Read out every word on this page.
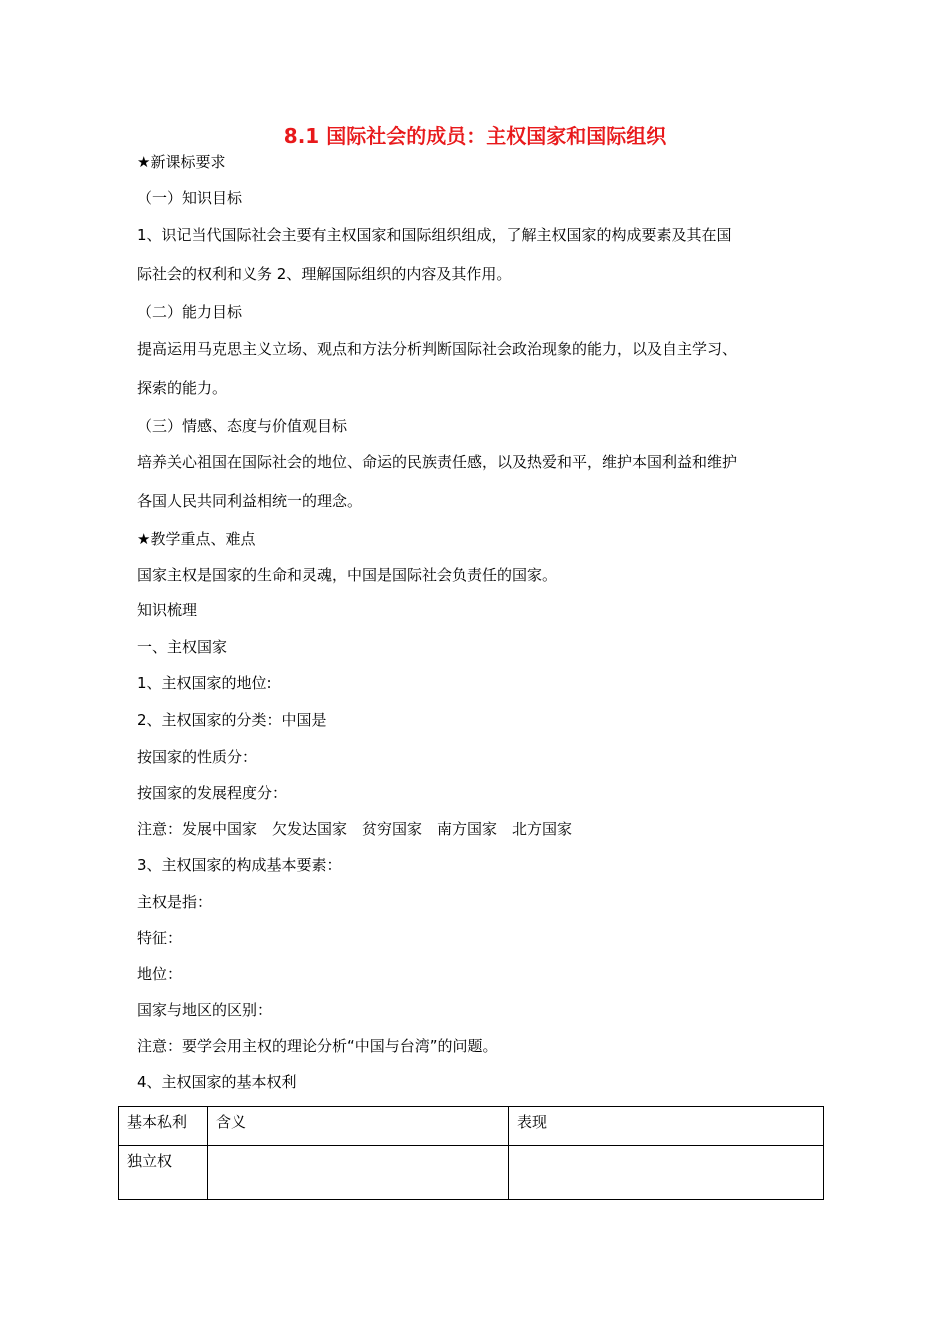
8.1 国际社会的成员：主权国家和国际组织
★新课标要求
（一）知识目标
1、识记当代国际社会主要有主权国家和国际组织组成，了解主权国家的构成要素及其在国
际社会的权利和义务 2、理解国际组织的内容及其作用。
（二）能力目标
提高运用马克思主义立场、观点和方法分析判断国际社会政治现象的能力，以及自主学习、
探索的能力。
（三）情感、态度与价值观目标
培养关心祖国在国际社会的地位、命运的民族责任感，以及热爱和平，维护本国利益和维护
各国人民共同利益相统一的理念。
★教学重点、难点
国家主权是国家的生命和灵魂，中国是国际社会负责任的国家。
知识梳理
一、主权国家
1、主权国家的地位:
2、主权国家的分类：中国是
按国家的性质分：
按国家的发展程度分：
注意：发展中国家　欠发达国家　贫穷国家　南方国家　北方国家
3、主权国家的构成基本要素：
主权是指：
特征：
地位：
国家与地区的区别：
注意：要学会用主权的理论分析“中国与台湾”的问题。
4、主权国家的基本权利
基本私利	含义	表现
独立权		
